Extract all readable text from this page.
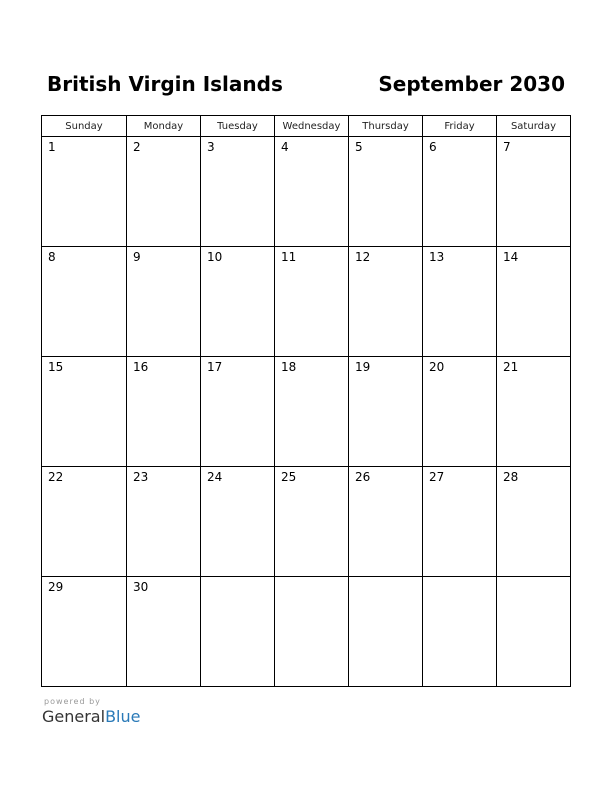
British Virgin Islands	September 2030
Sunday	Monday	Tuesday	Wednesday	Thursday	Friday	Saturday

1	2	3	4	5	6	7

8	9	10	11	12	13	14

15	16	17	18	19	20	21

22	23	24	25	26	27	28

29	30					

powered by
GeneralBlue
